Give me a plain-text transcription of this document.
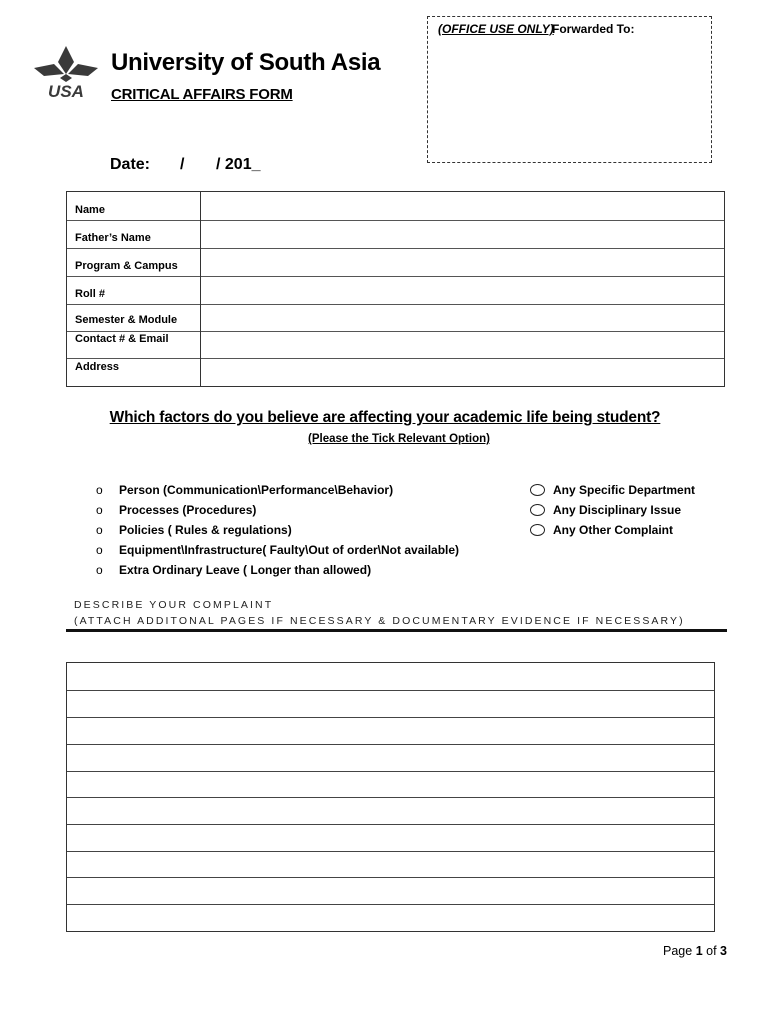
USA
University of South Asia
CRITICAL AFFAIRS FORM
(OFFICE USE ONLY)
Forwarded To:
Date: / / 201_
Name
Father’s Name
Program & Campus
Roll #
Semester & Module
Contact # & Email
Address
Which factors do you believe are affecting your academic life being student?
(Please the Tick Relevant Option)
o Person (Communication\Performance\Behavior)
o Processes (Procedures)
o Policies ( Rules & regulations)
o Equipment\Infrastructure( Faulty\Out of order\Not available)
o Extra Ordinary Leave ( Longer than allowed)
Any Specific Department
Any Disciplinary Issue
Any Other Complaint
DESCRIBE YOUR COMPLAINT
(ATTACH ADDITONAL PAGES IF NECESSARY & DOCUMENTARY EVIDENCE IF NECESSARY)
Page 1 of 3
